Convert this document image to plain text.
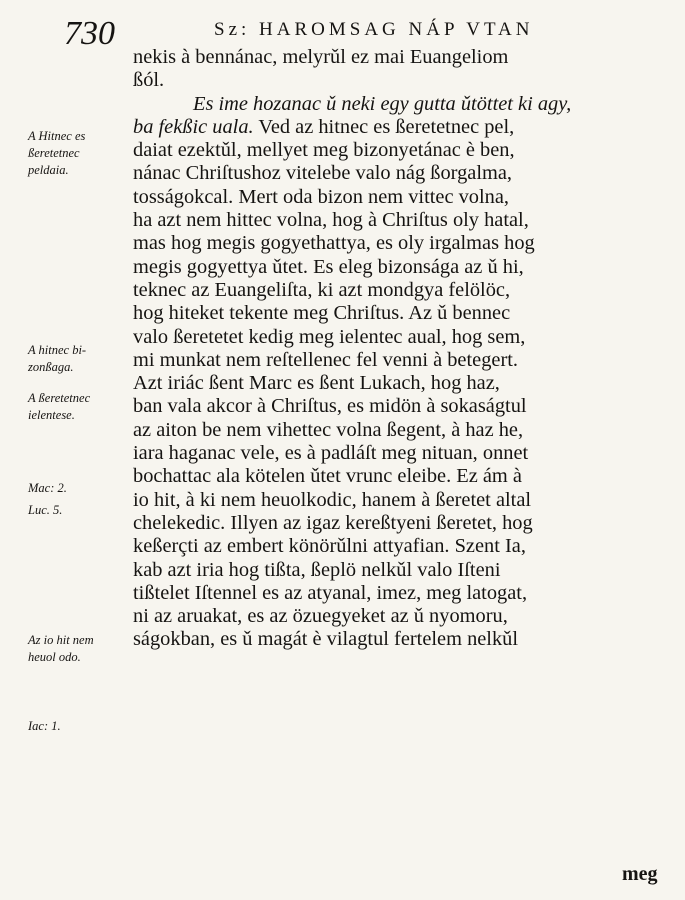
730	Sz: HAROMSAG NÁP VTAN
A Hitnec es
ßeretetnec
peldaia.
A hitnec bi-
zonßaga.
A ßeretetnec
ielentese.
Mac: 2.
Luc. 5.
Az io hit nem
heuol odo.
Iac: 1.
nekis à bennánac, melyrǔl ez mai Euangeliom
ßól.
Es ime hozanac ǔ neki egy gutta ǔtöttet ki agy,
ba fekßic uala. Ved az hitnec es ßeretetnec pel,
daiat ezektǔl, mellyet meg bizonyetánac è ben,
nánac Chriſtushoz vitelebe valo nág ßorgalma,
tosságokcal. Mert oda bizon nem vittec volna,
ha azt nem hittec volna, hog à Chriſtus oly hatal,
mas hog megis gogyethattya, es oly irgalmas hog
megis gogyettya ǔtet. Es eleg bizonsága az ǔ hi,
teknec az Euangeliſta, ki azt mondgya felölöc,
hog hiteket tekente meg Chriſtus. Az ǔ bennec
valo ßeretetet kedig meg ielentec aual, hog sem,
mi munkat nem reſtellenec fel venni à betegert.
Azt iriác ßent Marc es ßent Lukach, hog haz,
ban vala akcor à Chriſtus, es midön à sokaságtul
az aiton be nem vihettec volna ßegent, à haz he,
iara haganac vele, es à padláſt meg nituan, onnet
bochattac ala kötelen ǔtet vrunc eleibe. Ez ám à
io hit, à ki nem heuolkodic, hanem à ßeretet altal
chelekedic. Illyen az igaz kereßtyeni ßeretet, hog
keßerçti az embert könörǔlni attyafian. Szent Ia,
kab azt iria hog tißta, ßeplö nelkǔl valo Iſteni
tißtelet Iſtennel es az atyanal, imez, meg latogat,
ni az aruakat, es az özuegyeket az ǔ nyomoru,
ságokban, es ǔ magát è vilagtul fertelem nelkǔl
meg
